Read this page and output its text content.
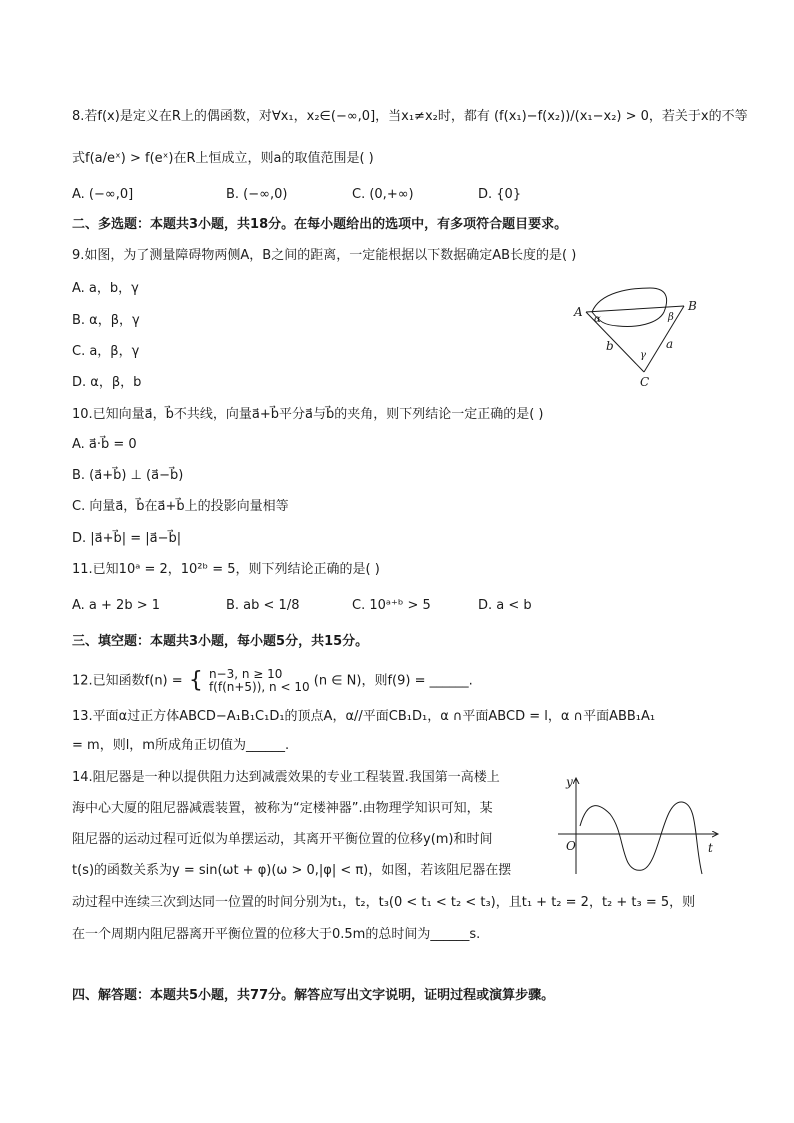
8.若f(x)是定义在R上的偶函数，对∀x₁，x₂∈(−∞,0]，当x₁≠x₂时，都有 (f(x₁)−f(x₂))/(x₁−x₂) > 0，若关于x的不等
式f(a/eˣ) > f(eˣ)在R上恒成立，则a的取值范围是( )
A. (−∞,0]	B. (−∞,0)	C. (0,+∞)	D. {0}
二、多选题：本题共3小题，共18分。在每小题给出的选项中，有多项符合题目要求。
9.如图，为了测量障碍物两侧A，B之间的距离，一定能根据以下数据确定AB长度的是( )
A. a，b，γ
B. α，β，γ
C. a，β，γ
D. α，β，b
A	B
C
α	β
γ
a
b
10.已知向量a⃗，b⃗不共线，向量a⃗+b⃗平分a⃗与b⃗的夹角，则下列结论一定正确的是( )
A. a⃗·b⃗ = 0
B. (a⃗+b⃗) ⊥ (a⃗−b⃗)
C. 向量a⃗，b⃗在a⃗+b⃗上的投影向量相等
D. |a⃗+b⃗| = |a⃗−b⃗|
11.已知10ᵃ = 2，10²ᵇ = 5，则下列结论正确的是( )
A. a + 2b > 1	B. ab < 1/8	C. 10ᵃ⁺ᵇ > 5	D. a < b
三、填空题：本题共3小题，每小题5分，共15分。
12.已知函数f(n) = { n−3, n ≥ 10
f(f(n+5)), n < 10 (n ∈ N)，则f(9) = ______.
13.平面α过正方体ABCD−A₁B₁C₁D₁的顶点A，α//平面CB₁D₁，α ∩平面ABCD = l，α ∩平面ABB₁A₁
= m，则l，m所成角正切值为______.
14.阻尼器是一种以提供阻力达到减震效果的专业工程装置.我国第一高楼上
海中心大厦的阻尼器减震装置，被称为“定楼神器”.由物理学知识可知，某
阻尼器的运动过程可近似为单摆运动，其离开平衡位置的位移y(m)和时间
t(s)的函数关系为y = sin(ωt + φ)(ω > 0,|φ| < π)，如图，若该阻尼器在摆
动过程中连续三次到达同一位置的时间分别为t₁，t₂，t₃(0 < t₁ < t₂ < t₃)，且t₁ + t₂ = 2，t₂ + t₃ = 5，则
在一个周期内阻尼器离开平衡位置的位移大于0.5m的总时间为______s.
y
t
O
四、解答题：本题共5小题，共77分。解答应写出文字说明，证明过程或演算步骤。
